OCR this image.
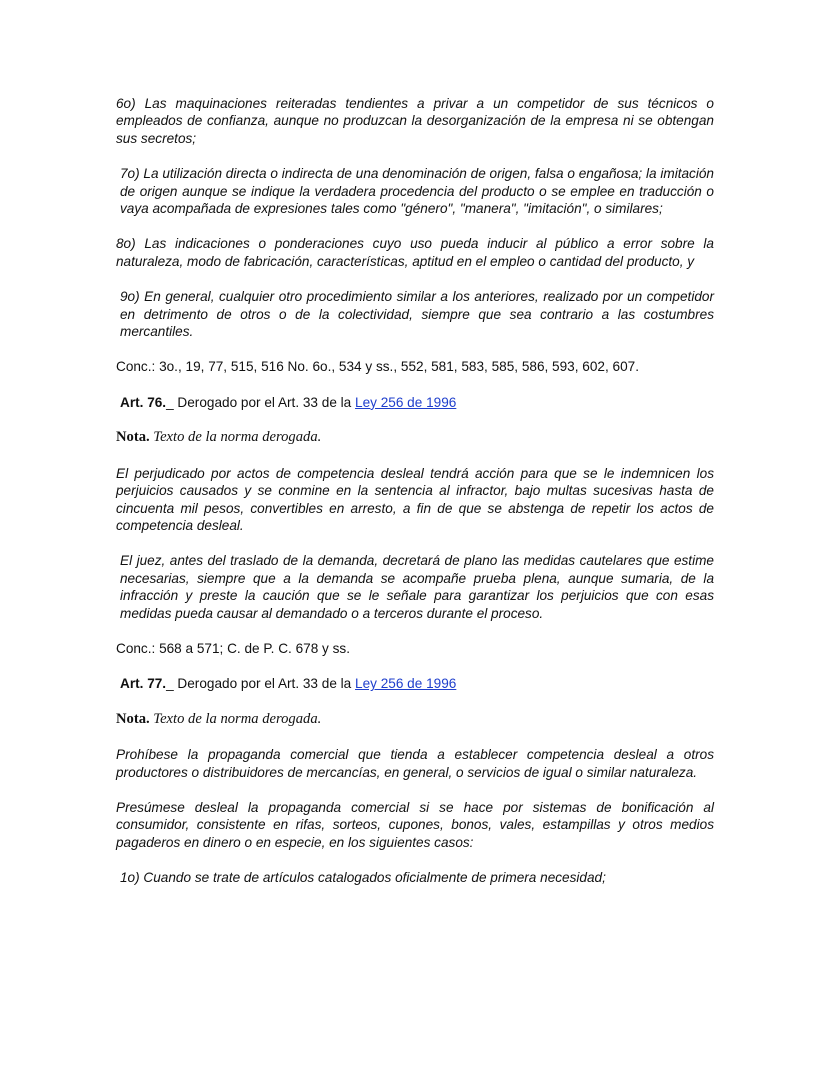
6o) Las maquinaciones reiteradas tendientes a privar a un competidor de sus técnicos o empleados de confianza, aunque no produzcan la desorganización de la empresa ni se obtengan sus secretos;

7o) La utilización directa o indirecta de una denominación de origen, falsa o engañosa; la imitación de origen aunque se indique la verdadera procedencia del producto o se emplee en traducción o vaya acompañada de expresiones tales como "género", "manera", "imitación", o similares;

8o) Las indicaciones o ponderaciones cuyo uso pueda inducir al público a error sobre la naturaleza, modo de fabricación, características, aptitud en el empleo o cantidad del producto, y

9o) En general, cualquier otro procedimiento similar a los anteriores, realizado por un competidor en detrimento de otros o de la colectividad, siempre que sea contrario a las costumbres mercantiles.

Conc.: 3o., 19, 77, 515, 516 No. 6o., 534 y ss., 552, 581, 583, 585, 586, 593, 602, 607.

Art. 76._ Derogado por el Art. 33 de la Ley 256 de 1996
Nota. Texto de la norma derogada.

El perjudicado por actos de competencia desleal tendrá acción para que se le indemnicen los perjuicios causados y se conmine en la sentencia al infractor, bajo multas sucesivas hasta de cincuenta mil pesos, convertibles en arresto, a fin de que se abstenga de repetir los actos de competencia desleal.

El juez, antes del traslado de la demanda, decretará de plano las medidas cautelares que estime necesarias, siempre que a la demanda se acompañe prueba plena, aunque sumaria, de la infracción y preste la caución que se le señale para garantizar los perjuicios que con esas medidas pueda causar al demandado o a terceros durante el proceso.

Conc.: 568 a 571; C. de P. C. 678 y ss.

Art. 77._ Derogado por el Art. 33 de la Ley 256 de 1996
Nota. Texto de la norma derogada.

Prohíbese la propaganda comercial que tienda a establecer competencia desleal a otros productores o distribuidores de mercancías, en general, o servicios de igual o similar naturaleza.

Presúmese desleal la propaganda comercial si se hace por sistemas de bonificación al consumidor, consistente en rifas, sorteos, cupones, bonos, vales, estampillas y otros medios pagaderos en dinero o en especie, en los siguientes casos:

1o) Cuando se trate de artículos catalogados oficialmente de primera necesidad;
